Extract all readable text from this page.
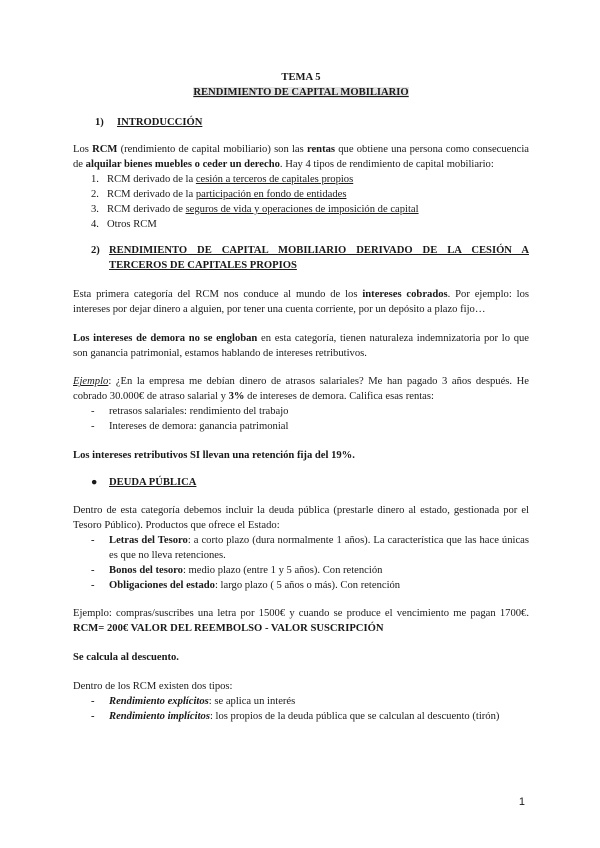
TEMA 5

RENDIMIENTO DE CAPITAL MOBILIARIO

1)	INTRODUCCIÓN

Los RCM (rendimiento de capital mobiliario) son las rentas que obtiene una persona como consecuencia de alquilar bienes muebles o ceder un derecho. Hay 4 tipos de rendimiento de capital mobiliario:

1. RCM derivado de la cesión a terceros de capitales propios
2. RCM derivado de la participación en fondo de entidades
3. RCM derivado de seguros de vida y operaciones de imposición de capital
4. Otros RCM
2) RENDIMIENTO DE CAPITAL MOBILIARIO DERIVADO DE LA CESIÓN A TERCEROS DE CAPITALES PROPIOS

Esta primera categoría del RCM nos conduce al mundo de los intereses cobrados. Por ejemplo: los intereses por dejar dinero a alguien, por tener una cuenta corriente, por un depósito a plazo fijo…

Los intereses de demora no se engloban en esta categoría, tienen naturaleza indemnizatoria por lo que son ganancia patrimonial, estamos hablando de intereses retributivos.

Ejemplo: ¿En la empresa me debían dinero de atrasos salariales? Me han pagado 3 años después. He cobrado 30.000€ de atraso salarial y 3% de intereses de demora. Califica esas rentas:

-	retrasos salariales: rendimiento del trabajo
-	Intereses de demora: ganancia patrimonial

Los intereses retributivos SI llevan una retención fija del 19%.

●	DEUDA PÚBLICA

Dentro de esta categoría debemos incluir la deuda pública (prestarle dinero al estado, gestionada por el Tesoro Público). Productos que ofrece el Estado:

-	Letras del Tesoro: a corto plazo (dura normalmente 1 años). La característica que las hace únicas es que no lleva retenciones.
-	Bonos del tesoro: medio plazo (entre 1 y 5 años). Con retención
-	Obligaciones del estado: largo plazo ( 5 años o más). Con retención

Ejemplo: compras/suscribes una letra por 1500€ y cuando se produce el vencimiento me pagan 1700€. RCM= 200€ VALOR DEL REEMBOLSO - VALOR SUSCRIPCIÓN

Se calcula al descuento.

Dentro de los RCM existen dos tipos:

-	Rendimiento explícitos: se aplica un interés
-	Rendimiento implícitos: los propios de la deuda pública que se calculan al descuento (tirón)
1
